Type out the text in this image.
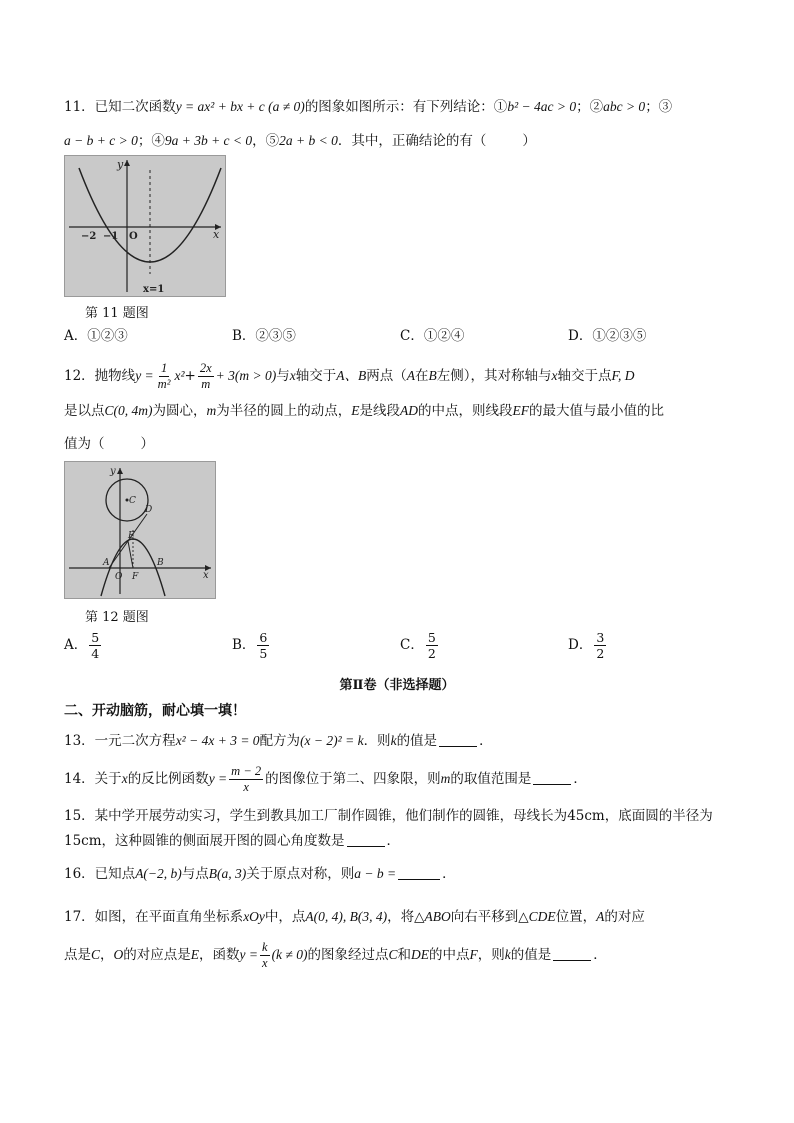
11．已知二次函数y = ax² + bx + c (a ≠ 0)的图象如图所示：有下列结论：①b² − 4ac > 0；②abc > 0；③
a − b + c > 0；④9a + 3b + c < 0，⑤2a + b < 0．其中，正确结论的有（	）
y
x
O
−2 −1
x=1
第 11 题图
A．①②③	B．②③⑤	C．①②④	D．①②③⑤
12．抛物线$y = \frac{1}{\text{m²}} x^2+ \frac{2x}{m} + 3(m > 0)$与x轴交于A、B两点（A在B左侧），其对称轴与x轴交于点F, D
是以点C(0, 4m)为圆心，m为半径的圆上的动点，E是线段AD的中点，则线段EF的最大值与最小值的比
值为（	）
y
C
D
E
A
O F
B
x
第 12 题图
A． $\frac{5}{4}$	B． $\frac{6}{5}$	C． $\frac{5}{2}$	D． $\frac{3}{2}$
第Ⅱ卷（非选择题）
二、开动脑筋，耐心填一填！
13．一元二次方程x² − 4x + 3 = 0配方为(x − 2)² = k．则k的值是	．
14．关于x的反比例函数$y = \frac{m - 2}{x}$ 的图像位于第二、四象限，则m的取值范围是	．
15．某中学开展劳动实习，学生到教具加工厂制作圆锥，他们制作的圆锥，母线长为45cm，底面圆的半径为
15cm，这种圆锥的侧面展开图的圆心角度数是	．
16．已知点A(−2, b)与点B(a, 3)关于原点对称，则a − b =	．
17．如图，在平面直角坐标系xOy中，点A(0, 4), B(3, 4)，将△ABO向右平移到△CDE位置，A的对应
点是C，O的对应点是E，函数$y = \frac{k}{x} (k \ne 0)$的图象经过点C和DE的中点F，则k的值是	．
